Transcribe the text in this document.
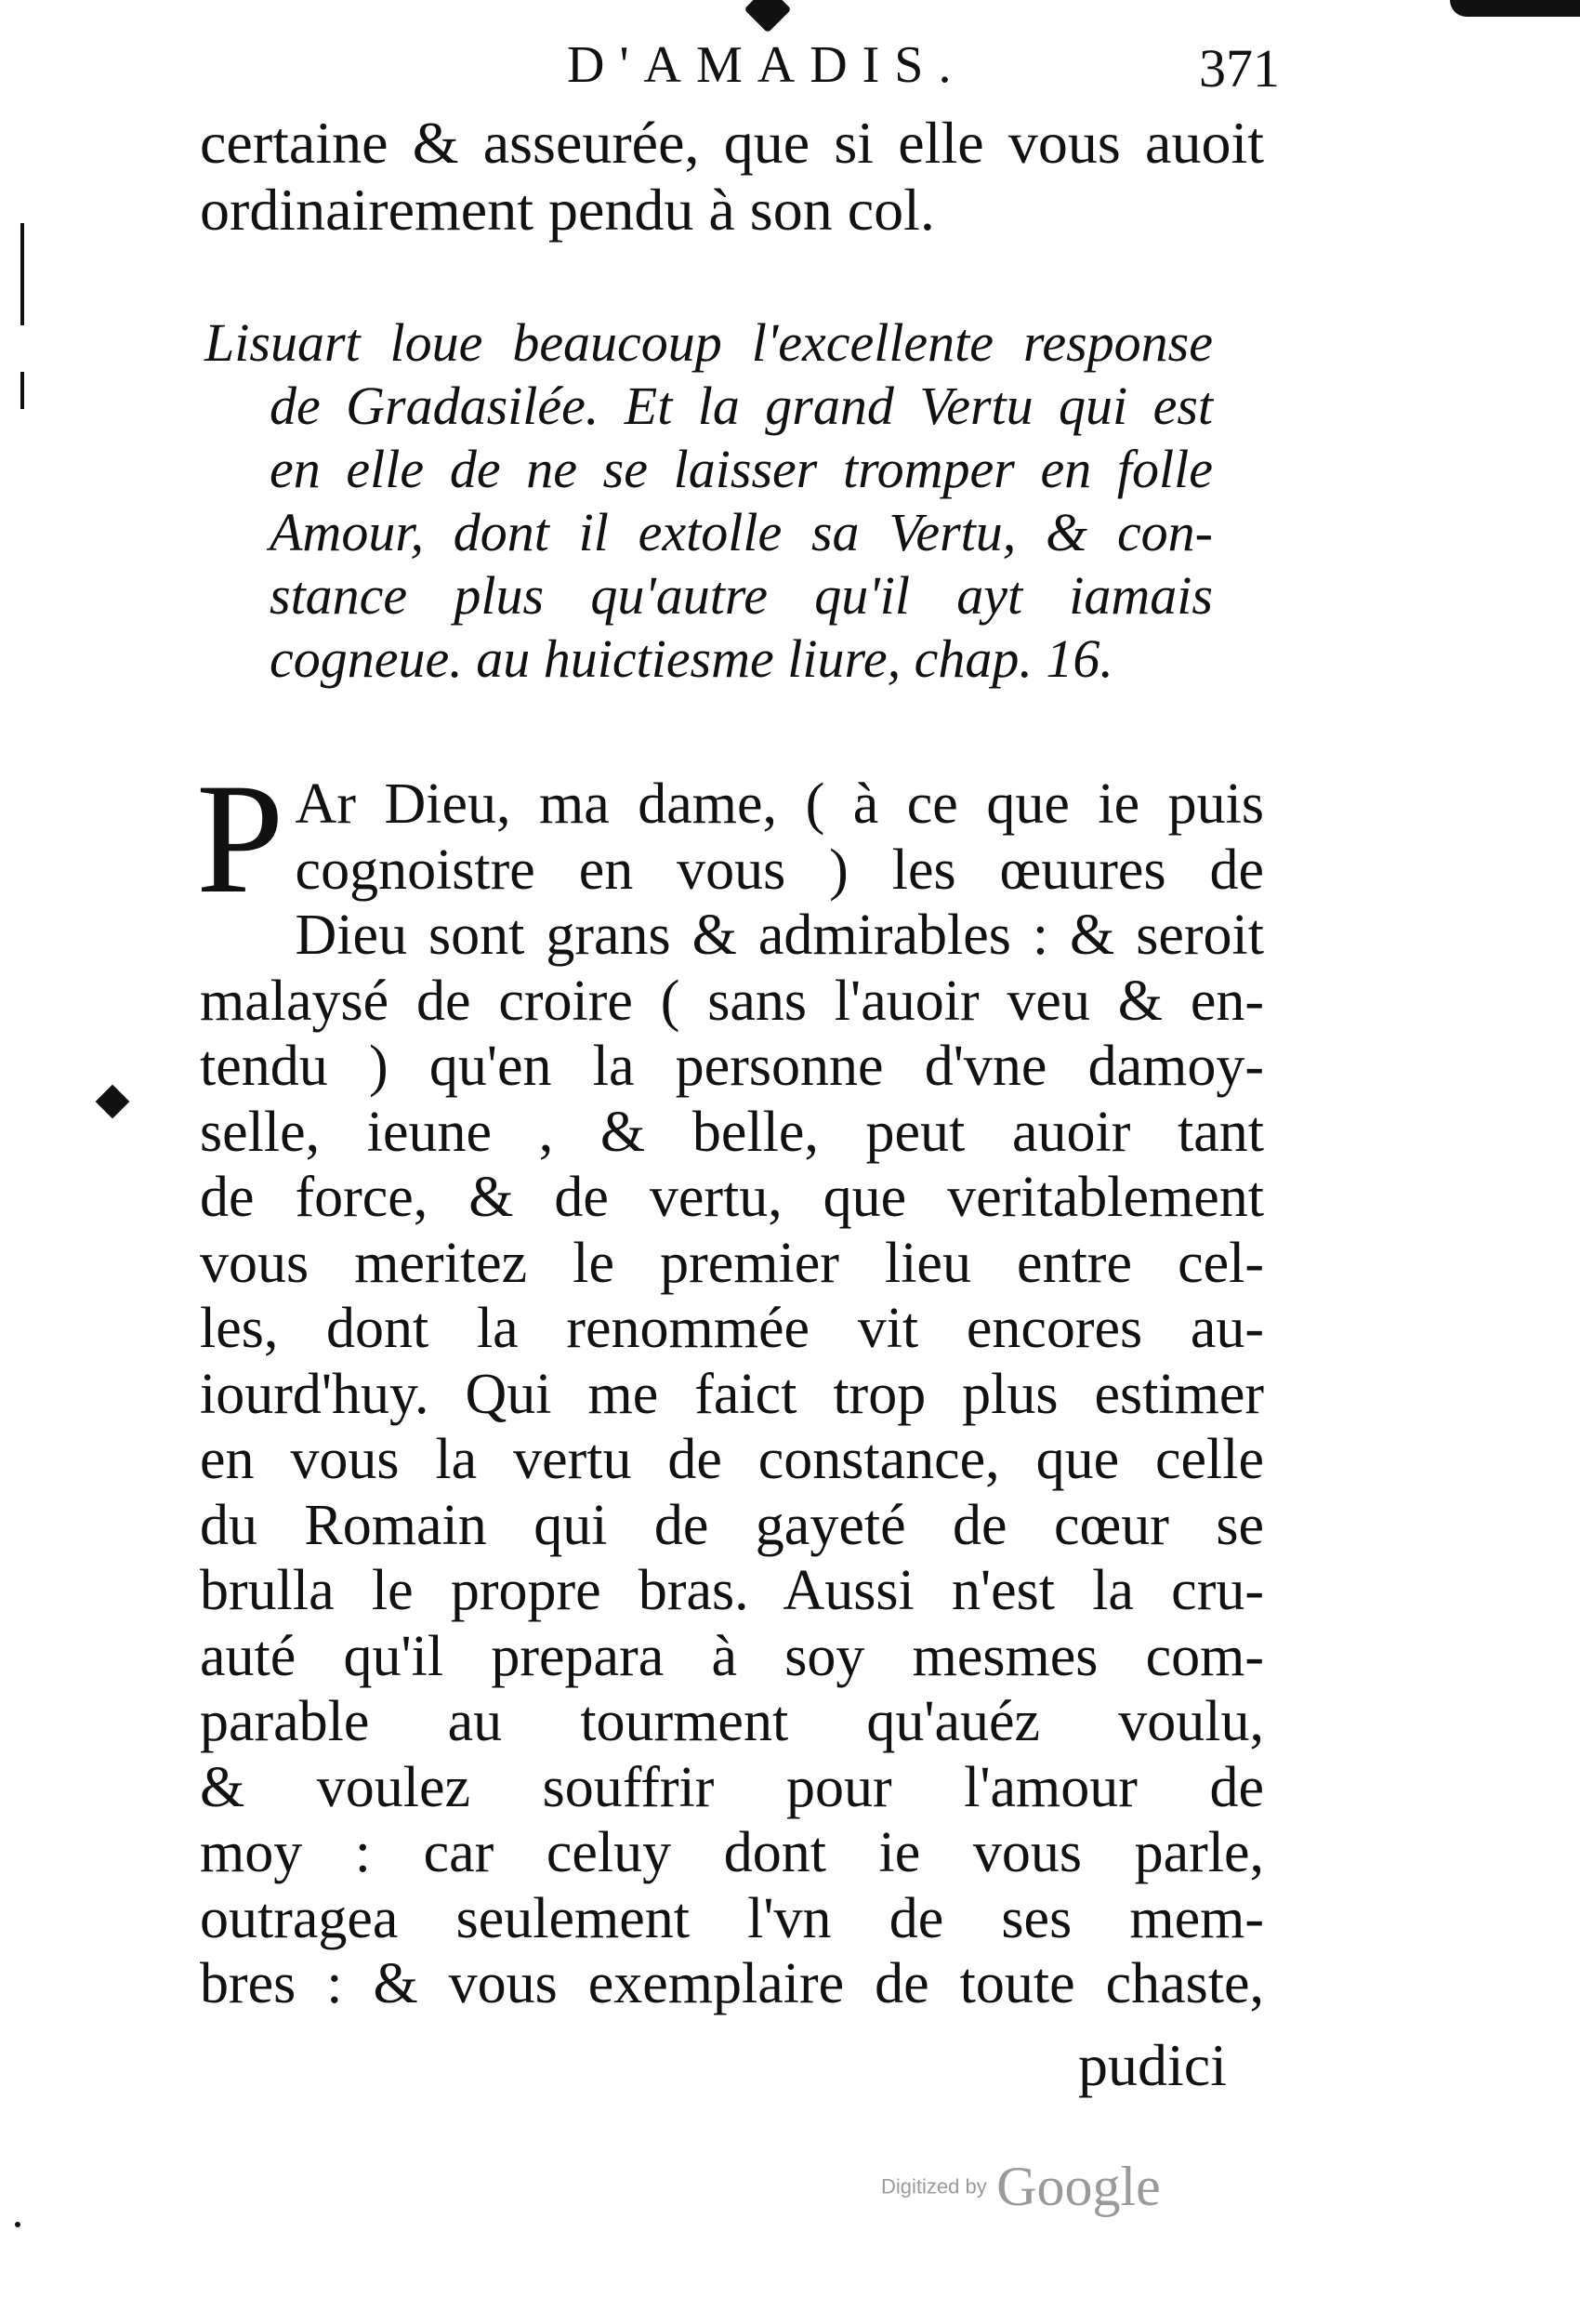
D'AMADIS.	371
certaine & asseurée, que si elle vous auoit
ordinairement pendu à son col.
Lisuart loue beaucoup l'excellente response
de Gradasilée. Et la grand Vertu qui est
en elle de ne se laisser tromper en folle
Amour, dont il extolle sa Vertu, & con-
stance plus qu'autre qu'il ayt iamais
cogneue. au huictiesme liure, chap. 16.
P Ar Dieu, ma dame, ( à ce que ie puis
cognoistre en vous ) les œuures de
Dieu sont grans & admirables : & seroit
malaysé de croire ( sans l'auoir veu & en-
tendu ) qu'en la personne d'vne damoy-
selle, ieune , & belle, peut auoir tant
de force, & de vertu, que veritablement
vous meritez le premier lieu entre cel-
les, dont la renommée vit encores au-
iourd'huy. Qui me faict trop plus estimer
en vous la vertu de constance, que celle
du Romain qui de gayeté de cœur se
brulla le propre bras. Aussi n'est la cru-
auté qu'il prepara à soy mesmes com-
parable au tourment qu'auéz voulu,
& voulez souffrir pour l'amour de
moy : car celuy dont ie vous parle,
outragea seulement l'vn de ses mem-
bres : & vous exemplaire de toute chaste,
pudici
Digitized by Google
